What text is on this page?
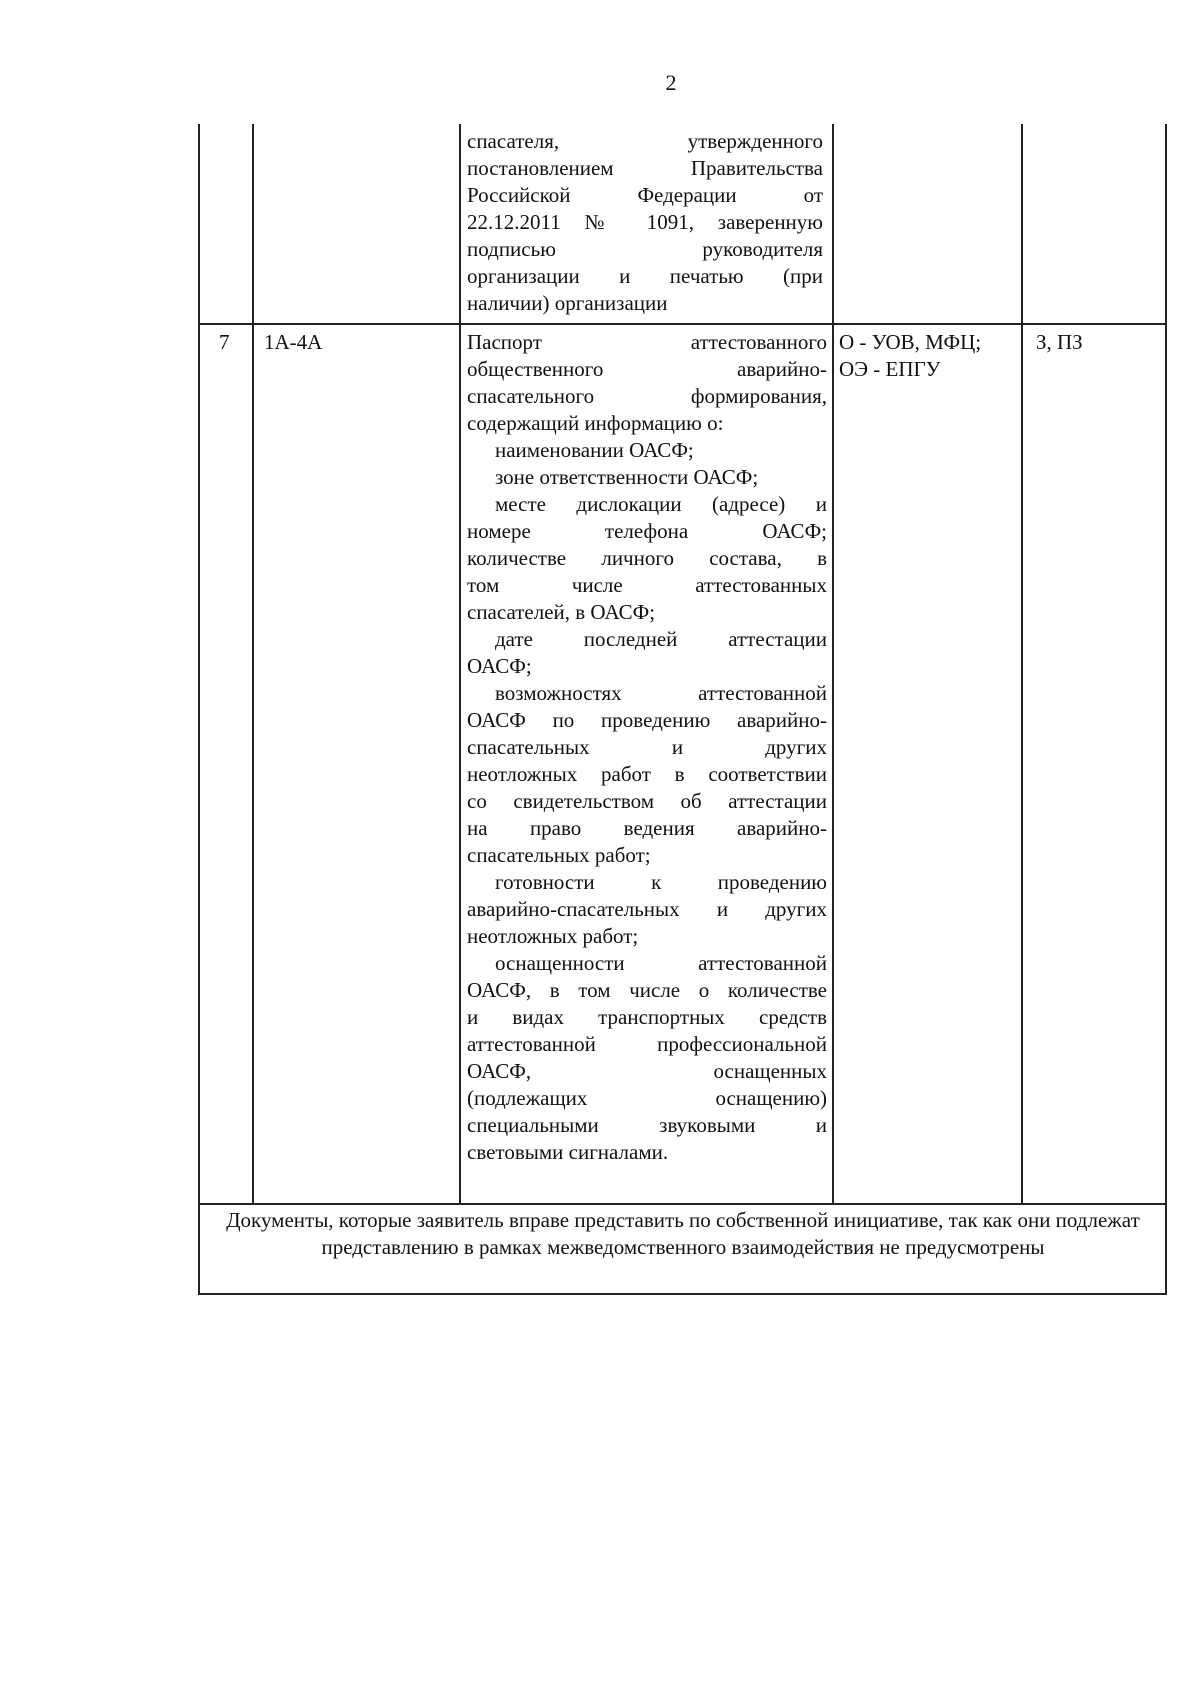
2
спасателя, утвержденного
постановлением Правительства
Российской Федерации от
22.12.2011 № 1091, заверенную
подписью руководителя
организации и печатью (при
наличии) организации
7 1А-4А	Паспорт аттестованного
общественного аварийно-
спасательного формирования,
содержащий информацию о:
наименовании ОАСФ;
зоне ответственности ОАСФ;
месте дислокации (адресе) и
номере телефона ОАСФ;
количестве личного состава, в
том числе аттестованных
спасателей, в ОАСФ;
дате последней аттестации
ОАСФ;
возможностях аттестованной
ОАСФ по проведению аварийно-
спасательных и других
неотложных работ в соответствии
со свидетельством об аттестации
на право ведения аварийно-
спасательных работ;
готовности к проведению
аварийно-спасательных и других
неотложных работ;
оснащенности аттестованной
ОАСФ, в том числе о количестве
и видах транспортных средств
аттестованной профессиональной
ОАСФ, оснащенных
(подлежащих оснащению)
специальными звуковыми и
световыми сигналами.
О - УОВ, МФЦ;
ОЭ - ЕПГУ
З, ПЗ
Документы, которые заявитель вправе представить по собственной инициативе, так как они подлежат представлению в рамках межведомственного взаимодействия не предусмотрены
